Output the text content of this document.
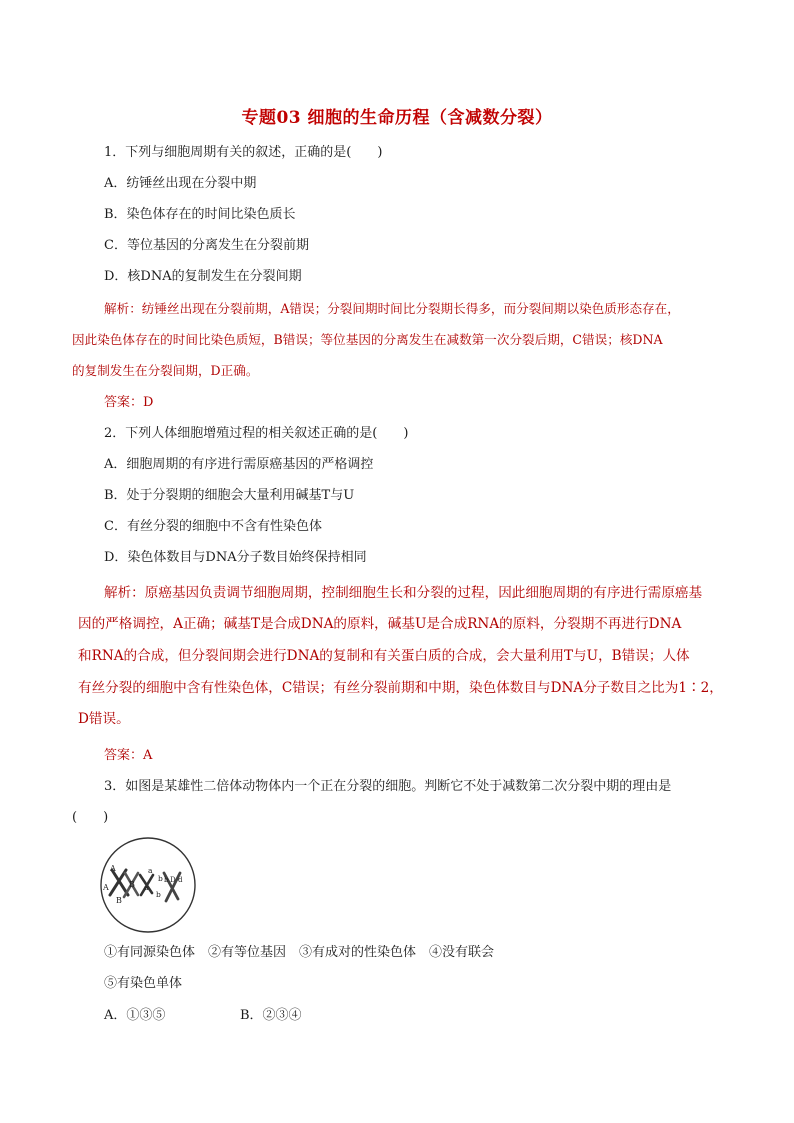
专题03 细胞的生命历程（含减数分裂）
1．下列与细胞周期有关的叙述，正确的是(　　)
A．纺锤丝出现在分裂中期
B．染色体存在的时间比染色质长
C．等位基因的分离发生在分裂前期
D．核DNA的复制发生在分裂间期
解析：纺锤丝出现在分裂前期，A错误；分裂间期时间比分裂期长得多，而分裂间期以染色质形态存在，
因此染色体存在的时间比染色质短，B错误；等位基因的分离发生在减数第一次分裂后期，C错误；核DNA
的复制发生在分裂间期，D正确。
答案：D
2．下列人体细胞增殖过程的相关叙述正确的是(　　)
A．细胞周期的有序进行需原癌基因的严格调控
B．处于分裂期的细胞会大量利用碱基T与U
C．有丝分裂的细胞中不含有性染色体
D．染色体数目与DNA分子数目始终保持相同
解析：原癌基因负责调节细胞周期，控制细胞生长和分裂的过程，因此细胞周期的有序进行需原癌基
因的严格调控，A正确；碱基T是合成DNA的原料，碱基U是合成RNA的原料，分裂期不再进行DNA
和RNA的合成，但分裂间期会进行DNA的复制和有关蛋白质的合成，会大量利用T与U，B错误；人体
有丝分裂的细胞中含有性染色体，C错误；有丝分裂前期和中期，染色体数目与DNA分子数目之比为1∶2，
D错误。
答案：A
3．如图是某雄性二倍体动物体内一个正在分裂的细胞。判断它不处于减数第二次分裂中期的理由是
(　　)
A
A	B
B
a
a
b
b
b D d
①有同源染色体　②有等位基因　③有成对的性染色体　④没有联会
⑤有染色单体
A．①③⑤	B．②③④
